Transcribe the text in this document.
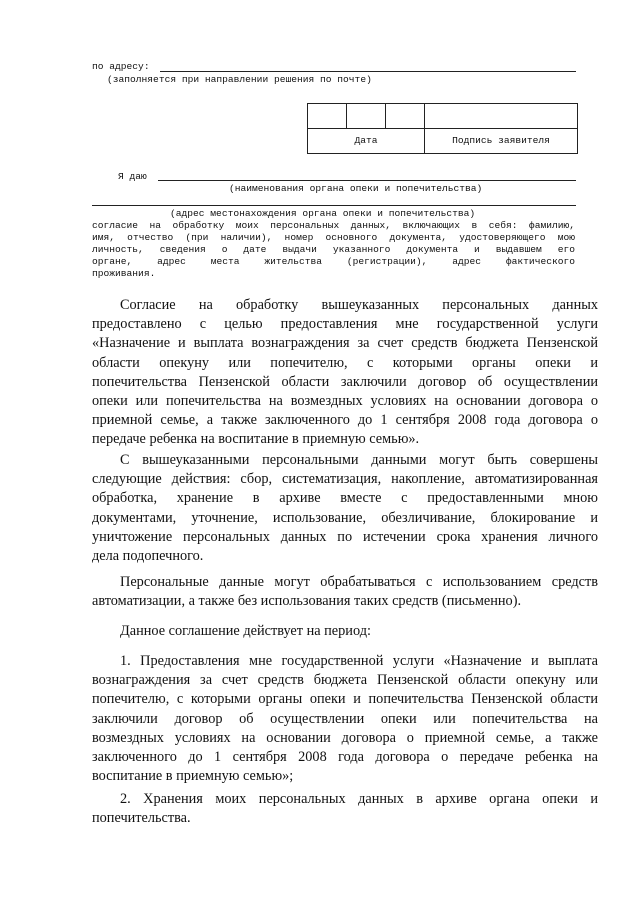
по адресу:
(заполняется при направлении решения по почте)

Дата			Подпись заявителя
Я даю
(наименования органа опеки и попечительства)
(адрес местонахождения органа опеки и попечительства)
согласие на обработку моих персональных данных, включающих в себя: фамилию,
имя, отчество (при наличии), номер основного документа, удостоверяющего мою
личность, сведения о дате выдачи указанного документа и выдавшем его
органе, адрес места жительства (регистрации), адрес фактического
проживания.
Согласие на обработку вышеуказанных персональных данных
предоставлено с целью предоставления мне государственной услуги
«Назначение и выплата вознаграждения за счет средств бюджета Пензенской
области опекуну или попечителю, с которыми органы опеки и
попечительства Пензенской области заключили договор об осуществлении
опеки или попечительства на возмездных условиях на основании договора о
приемной семье, а также заключенного до 1 сентября 2008 года договора о
передаче ребенка на воспитание в приемную семью».
С вышеуказанными персональными данными могут быть совершены
следующие действия: сбор, систематизация, накопление, автоматизированная
обработка, хранение в архиве вместе с предоставленными мною
документами, уточнение, использование, обезличивание, блокирование и
уничтожение персональных данных по истечении срока хранения личного
дела подопечного.
Персональные данные могут обрабатываться с использованием средств
автоматизации, а также без использования таких средств (письменно).
Данное соглашение действует на период:
1. Предоставления мне государственной услуги «Назначение и выплата
вознаграждения за счет средств бюджета Пензенской области опекуну или
попечителю, с которыми органы опеки и попечительства Пензенской области
заключили договор об осуществлении опеки или попечительства на
возмездных условиях на основании договора о приемной семье, а также
заключенного до 1 сентября 2008 года договора о передаче ребенка на
воспитание в приемную семью»;
2. Хранения моих персональных данных в архиве органа опеки и
попечительства.
